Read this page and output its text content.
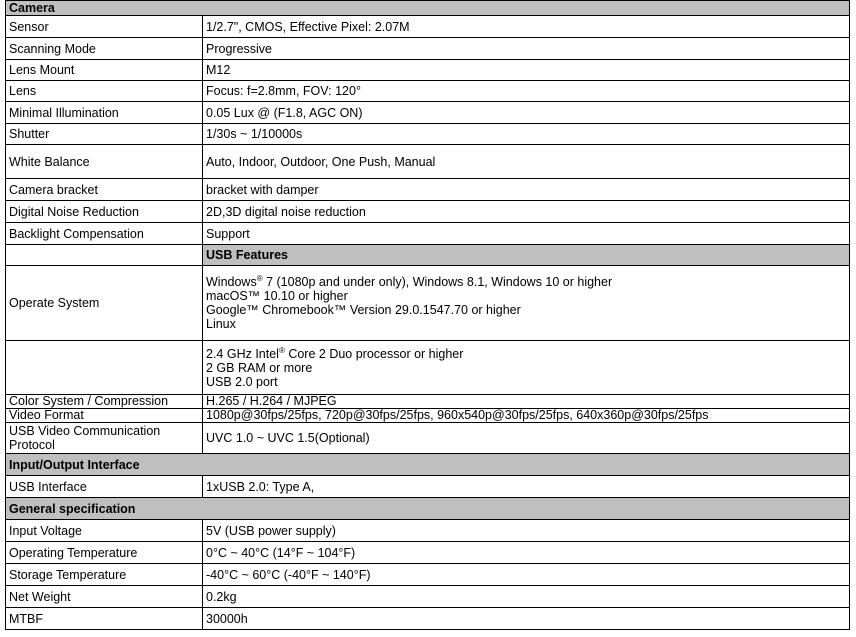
Camera	
Sensor	1/2.7", CMOS, Effective Pixel: 2.07M
Scanning Mode	Progressive
Lens Mount	M12
Lens	Focus: f=2.8mm, FOV: 120°
Minimal Illumination	0.05 Lux @ (F1.8, AGC ON)
Shutter	1/30s ~ 1/10000s
White Balance	Auto, Indoor, Outdoor, One Push, Manual
Camera bracket	bracket with damper
Digital Noise Reduction	2D,3D digital noise reduction
Backlight Compensation	Support
	USB Features
Operate System	Windows® 7 (1080p and under only), Windows 8.1, Windows 10 or higher
macOS™ 10.10 or higher
Google™ Chromebook™ Version 29.0.1547.70 or higher
Linux

	2.4 GHz Intel® Core 2 Duo processor or higher
2 GB RAM or more
USB 2.0 port

Color System / Compression	H.265 / H.264 / MJPEG
Video Format	1080p@30fps/25fps, 720p@30fps/25fps, 960x540p@30fps/25fps, 640x360p@30fps/25fps

USB Video Communication
Protocol	UVC 1.0 ~ UVC 1.5(Optional)
Input/Output Interface	
USB Interface	1xUSB 2.0: Type A,
General specification	
Input Voltage	5V (USB power supply)
Operating Temperature	0°C ~ 40°C (14°F ~ 104°F)
Storage Temperature	-40°C ~ 60°C (-40°F ~ 140°F)
Net Weight	0.2kg
MTBF	30000h
